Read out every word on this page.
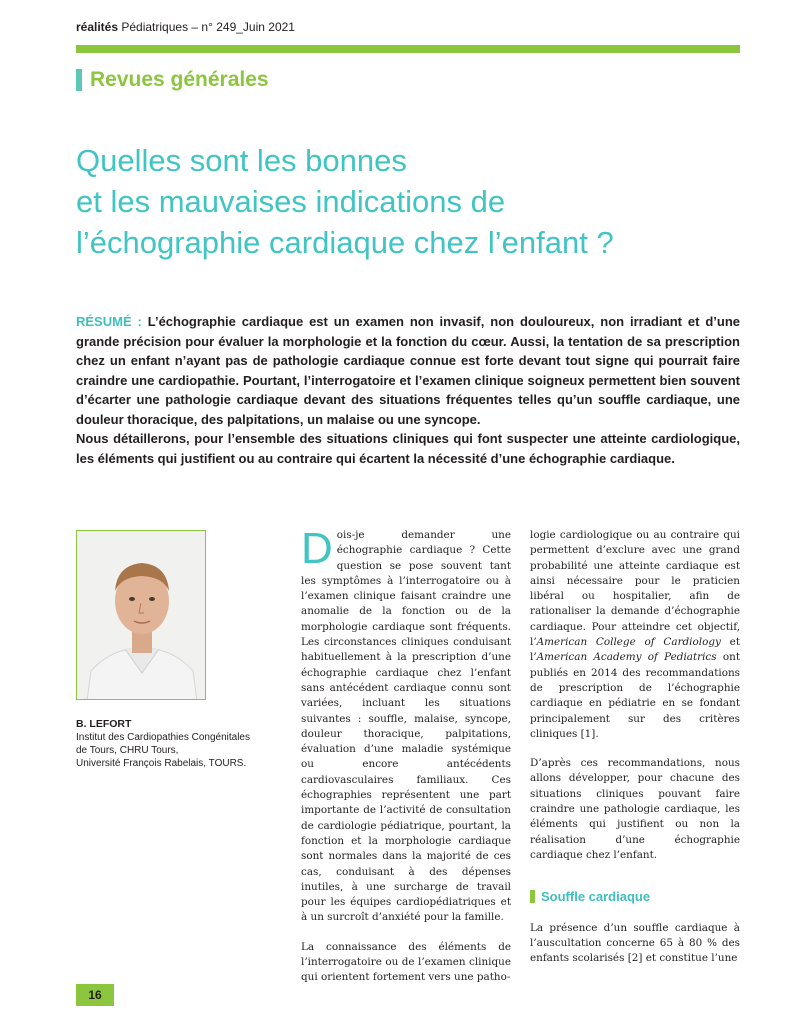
réalités Pédiatriques – n° 249_Juin 2021
Revues générales
Quelles sont les bonnes
et les mauvaises indications de
l’échographie cardiaque chez l’enfant ?

RÉSUMÉ : L’échographie cardiaque est un examen non invasif, non douloureux, non irradiant et d’une grande précision pour évaluer la morphologie et la fonction du cœur. Aussi, la tentation de sa prescription chez un enfant n’ayant pas de pathologie cardiaque connue est forte devant tout signe qui pourrait faire craindre une cardiopathie. Pourtant, l’interrogatoire et l’examen clinique soigneux permettent bien souvent d’écarter une pathologie cardiaque devant des situations fréquentes telles qu’un souffle cardiaque, une douleur thoracique, des palpitations, un malaise ou une syncope.

Nous détaillerons, pour l’ensemble des situations cliniques qui font suspecter une atteinte cardiologique, les éléments qui justifient ou au contraire qui écartent la nécessité d’une échographie cardiaque.

B. LEFORT
Institut des Cardiopathies Congénitales
de Tours, CHRU Tours,
Université François Rabelais, TOURS.

Dois-je demander une échographie cardiaque ? Cette question se pose souvent tant les symptômes à l’interrogatoire ou à l’examen clinique faisant craindre une anomalie de la fonction ou de la morphologie cardiaque sont fréquents. Les circonstances cliniques conduisant habituellement à la prescription d’une échographie cardiaque chez l’enfant sans antécédent cardiaque connu sont variées, incluant les situations suivantes : souffle, malaise, syncope, douleur thoracique, palpitations, évaluation d’une maladie systémique ou encore antécédents cardiovasculaires familiaux. Ces échographies représentent une part importante de l’activité de consultation de cardiologie pédiatrique, pourtant, la fonction et la morphologie cardiaque sont normales dans la majorité de ces cas, conduisant à des dépenses inutiles, à une surcharge de travail pour les équipes cardiopédiatriques et à un surcroît d’anxiété pour la famille.

La connaissance des éléments de l’interrogatoire ou de l’examen clinique qui orientent fortement vers une patho-

logie cardiologique ou au contraire qui permettent d’exclure avec une grand probabilité une atteinte cardiaque est ainsi nécessaire pour le praticien libéral ou hospitalier, afin de rationaliser la demande d’échographie cardiaque. Pour atteindre cet objectif, l’American College of Cardiology et l’American Academy of Pediatrics ont publiés en 2014 des recommandations de prescription de l’échographie cardiaque en pédiatrie en se fondant principalement sur des critères cliniques [1].

D’après ces recommandations, nous allons développer, pour chacune des situations cliniques pouvant faire craindre une pathologie cardiaque, les éléments qui justifient ou non la réalisation d’une échographie cardiaque chez l’enfant.

Souffle cardiaque

La présence d’un souffle cardiaque à l’auscultation concerne 65 à 80 % des enfants scolarisés [2] et constitue l’une

16
